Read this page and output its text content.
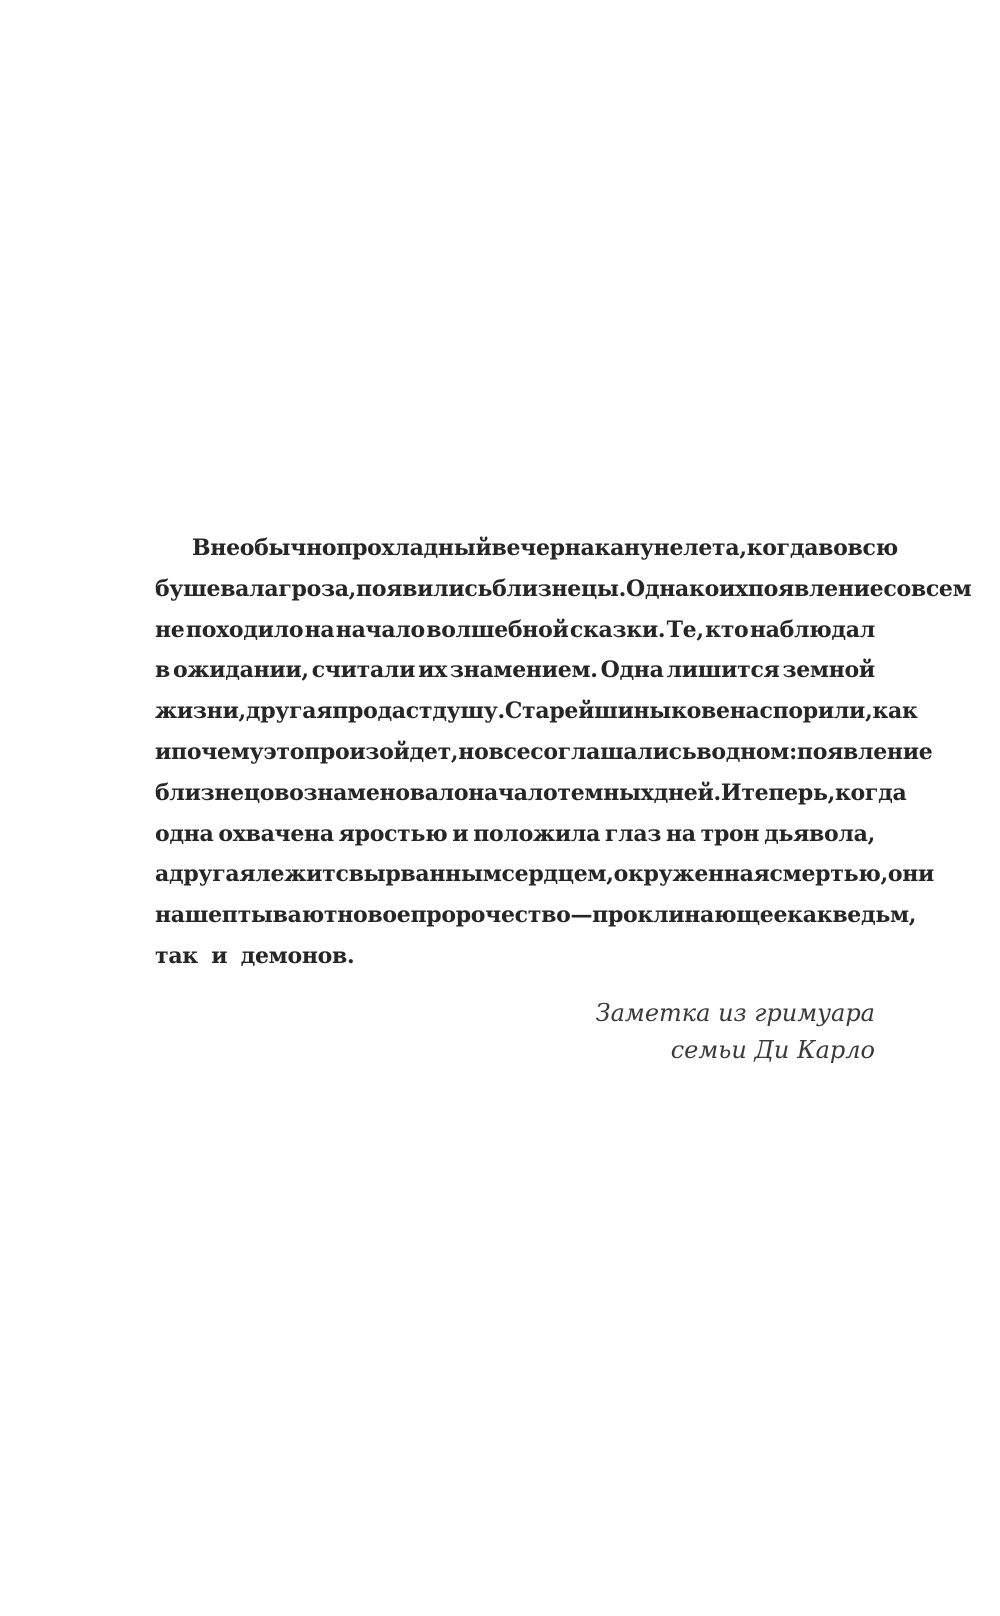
В необычно прохладный вечер накануне лета, когда вовсю
бушевала гроза, появились близнецы. Однако их появление совсем
не походило на начало волшебной сказки. Те, кто наблюдал
в ожидании, считали их знамением. Одна лишится земной
жизни, другая продаст душу. Старейшины ковена спорили, как
и почему это произойдет, но все соглашались в одном: появление
близнецов ознаменовало начало темных дней. И теперь, когда
одна охвачена яростью и положила глаз на трон дьявола,
а другая лежит с вырванным сердцем, окруженная смертью, они
нашептывают новое пророчество — проклинающее как ведьм,
так и демонов.
Заметка из гримуара
семьи Ди Карло
